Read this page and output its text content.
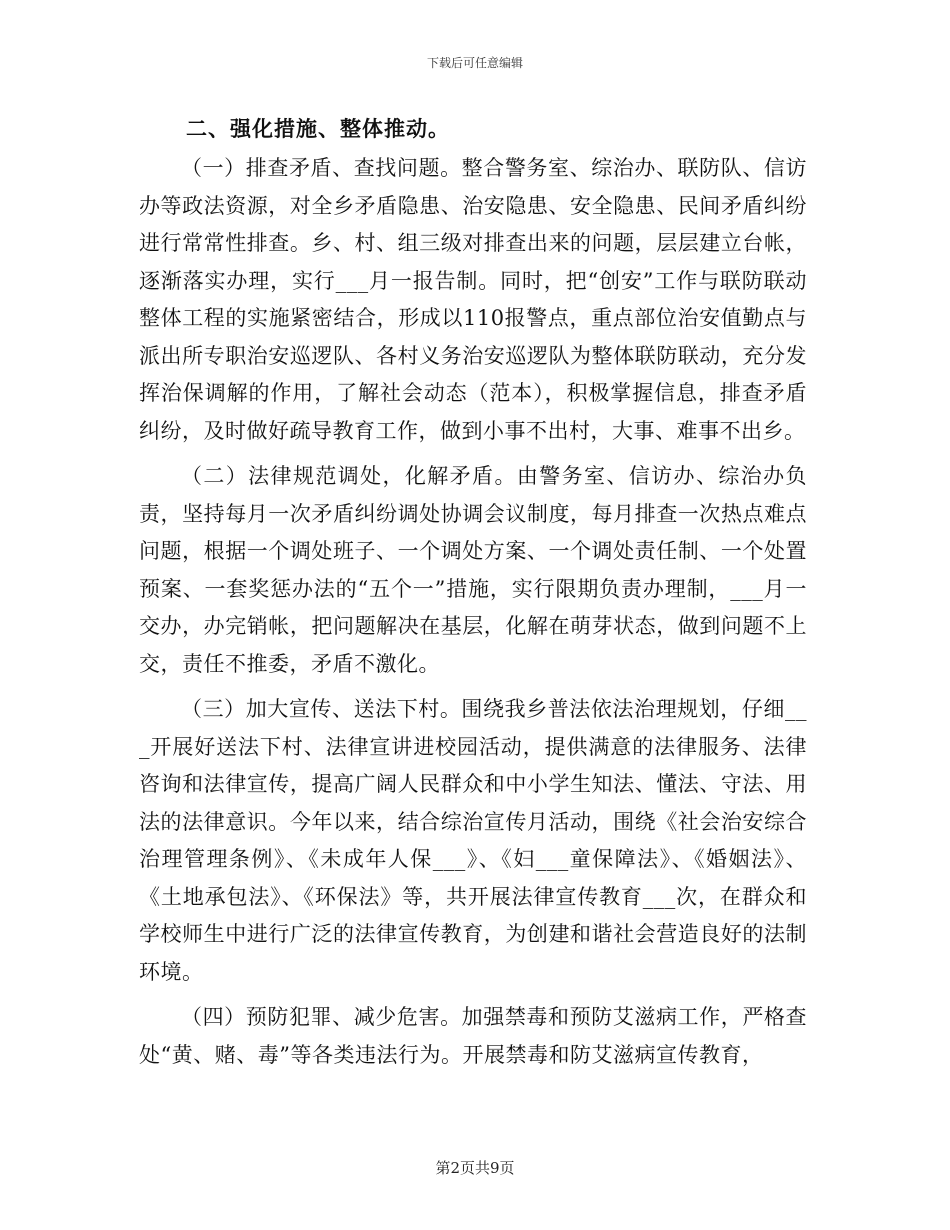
下载后可任意编辑
二、强化措施、整体推动。

（一）排查矛盾、查找问题。整合警务室、综治办、联防队、信访办等政法资源，对全乡矛盾隐患、治安隐患、安全隐患、民间矛盾纠纷进行常常性排查。乡、村、组三级对排查出来的问题，层层建立台帐，逐渐落实办理，实行___月一报告制。同时，把“创安”工作与联防联动整体工程的实施紧密结合，形成以110报警点，重点部位治安值勤点与派出所专职治安巡逻队、各村义务治安巡逻队为整体联防联动，充分发挥治保调解的作用，了解社会动态（范本），积极掌握信息，排查矛盾纠纷，及时做好疏导教育工作，做到小事不出村，大事、难事不出乡。

（二）法律规范调处，化解矛盾。由警务室、信访办、综治办负责，坚持每月一次矛盾纠纷调处协调会议制度，每月排查一次热点难点问题，根据一个调处班子、一个调处方案、一个调处责任制、一个处置预案、一套奖惩办法的“五个一”措施，实行限期负责办理制，___月一交办，办完销帐，把问题解决在基层，化解在萌芽状态，做到问题不上交，责任不推委，矛盾不激化。

（三）加大宣传、送法下村。围绕我乡普法依法治理规划，仔细___开展好送法下村、法律宣讲进校园活动，提供满意的法律服务、法律咨询和法律宣传，提高广阔人民群众和中小学生知法、懂法、守法、用法的法律意识。今年以来，结合综治宣传月活动，围绕《社会治安综合治理管理条例》、《未成年人保___》、《妇___童保障法》、《婚姻法》、《土地承包法》、《环保法》等，共开展法律宣传教育___次，在群众和学校师生中进行广泛的法律宣传教育，为创建和谐社会营造良好的法制环境。

（四）预防犯罪、减少危害。加强禁毒和预防艾滋病工作，严格查处“黄、赌、毒”等各类违法行为。开展禁毒和防艾滋病宣传教育，

第2页共9页
